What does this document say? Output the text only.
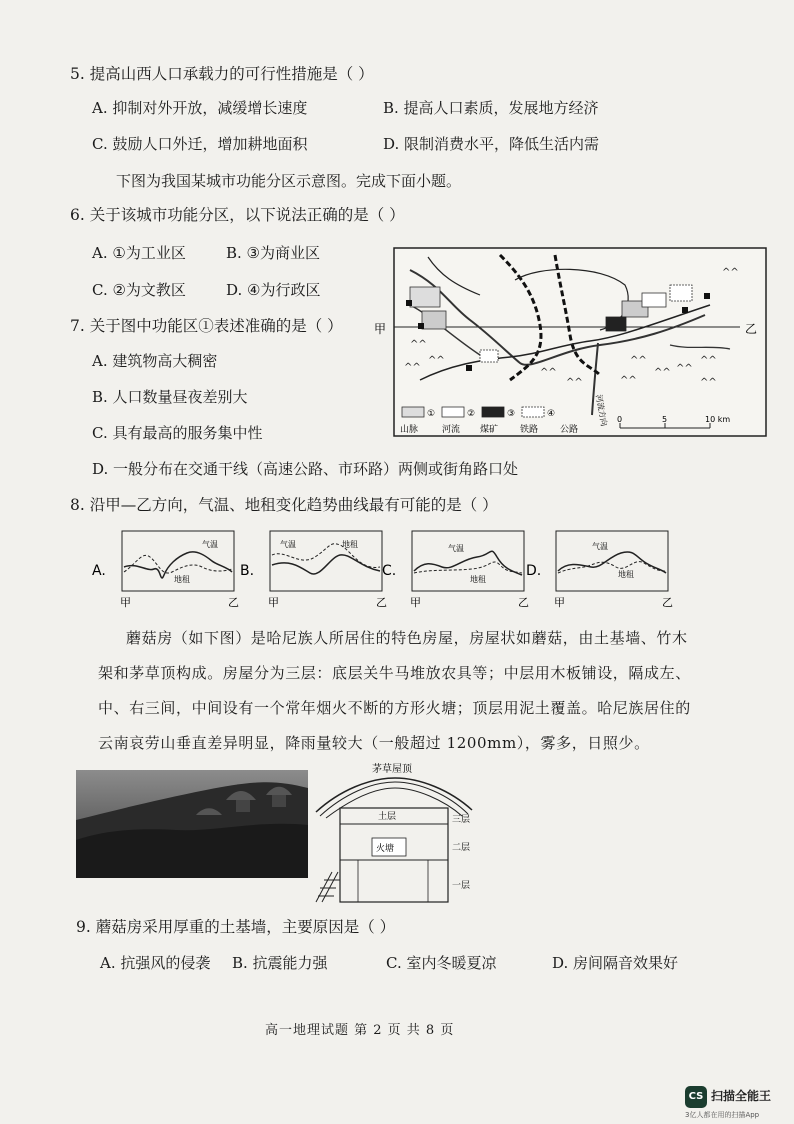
5. 提高山西人口承载力的可行性措施是（ ）
A. 抑制对外开放，减缓增长速度	B. 提高人口素质，发展地方经济
C. 鼓励人口外迁，增加耕地面积	D. 限制消费水平，降低生活内需
下图为我国某城市功能分区示意图。完成下面小题。
6. 关于该城市功能分区，以下说法正确的是（ ）
A. ①为工业区	B. ③为商业区
C. ②为文教区	D. ④为行政区
7. 关于图中功能区①表述准确的是（ ）
A. 建筑物高大稠密
B. 人口数量昼夜差别大
C. 具有最高的服务集中性
D. 一般分布在交通干线（高速公路、市环路）两侧或街角路口处
甲	乙
^^
^^
^^
^^
^^ ^^
^^
^^
^^
^^
^^	^^
河流方向
①	②	③	④
山脉	河流 煤矿 铁路 公路
0	5	10 km
8. 沿甲—乙方向，气温、地租变化趋势曲线最有可能的是（ ）
A.
气温
地租
甲	乙
B.
气温	地租
甲	乙
C.
气温
地租
甲	乙
D.
气温
地租
甲	乙
蘑菇房（如下图）是哈尼族人所居住的特色房屋，房屋状如蘑菇，由土基墙、竹木
架和茅草顶构成。房屋分为三层：底层关牛马堆放农具等；中层用木板铺设，隔成左、
中、右三间，中间设有一个常年烟火不断的方形火塘；顶层用泥土覆盖。哈尼族居住的
云南哀劳山垂直差异明显，降雨量较大（一般超过 1200mm），雾多，日照少。
茅草屋顶
土层
火塘
三层
二层
一层
9. 蘑菇房采用厚重的土基墙，主要原因是（ ）
A. 抗强风的侵袭 B. 抗震能力强	C. 室内冬暖夏凉	D. 房间隔音效果好
高一地理试题 第 2 页 共 8 页
CS 扫描全能王
3亿人都在用的扫描App
